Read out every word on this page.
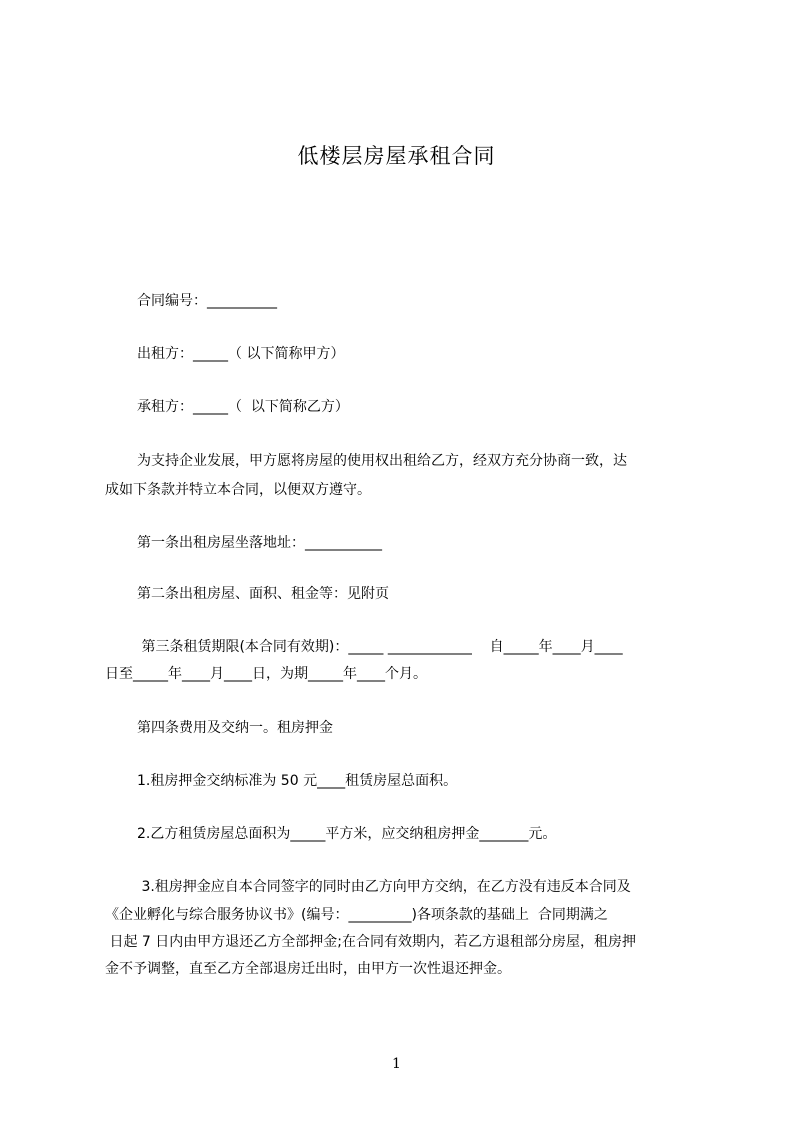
低楼层房屋承租合同
合同编号：__________
出租方：_____（ 以下简称甲方）
承租方：_____（  以下简称乙方）
为支持企业发展，甲方愿将房屋的使用权出租给乙方，经双方充分协商一致，达
成如下条款并特立本合同，以便双方遵守。
第一条出租房屋坐落地址：___________
第二条出租房屋、面积、租金等：见附页
第三条租赁期限(本合同有效期)：_____ ____________    自_____年____月____
日至_____年____月____日，为期_____年____个月。
第四条费用及交纳一。租房押金
1.租房押金交纳标准为 50 元____租赁房屋总面积。
2.乙方租赁房屋总面积为_____平方米，应交纳租房押金_______元。
3.租房押金应自本合同签字的同时由乙方向甲方交纳，在乙方没有违反本合同及
《企业孵化与综合服务协议书》(编号：_________)各项条款的基础上  合同期满之
日起 7 日内由甲方退还乙方全部押金;在合同有效期内，若乙方退租部分房屋，租房押
金不予调整，直至乙方全部退房迁出时，由甲方一次性退还押金。
1
